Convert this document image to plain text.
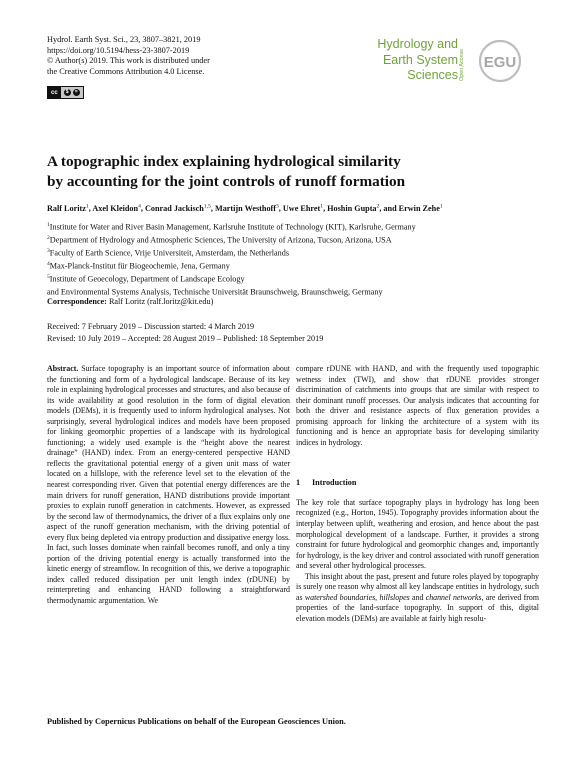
Hydrol. Earth Syst. Sci., 23, 3807–3821, 2019
https://doi.org/10.5194/hess-23-3807-2019
© Author(s) 2019. This work is distributed under
the Creative Commons Attribution 4.0 License.
cc	$	=
Hydrology and
Earth System
Sciences Open Access	EGU
A topographic index explaining hydrological similarity
by accounting for the joint controls of runoff formation
Ralf Loritz$^1$, Axel Kleidon$^4$, Conrad Jackisch$^{1,5}$, Martijn Westhoff$^3$, Uwe Ehret$^1$, Hoshin Gupta$^2$, and Erwin Zehe$^1$
$^1$Institute for Water and River Basin Management, Karlsruhe Institute of Technology (KIT), Karlsruhe, Germany
$^2$Department of Hydrology and Atmospheric Sciences, The University of Arizona, Tucson, Arizona, USA
$^3$Faculty of Earth Science, Vrije Universiteit, Amsterdam, the Netherlands
$^4$Max-Planck-Institut für Biogeochemie, Jena, Germany
$^5$Institute of Geoecology, Department of Landscape Ecology
and Environmental Systems Analysis, Technische Universität Braunschweig, Braunschweig, Germany
Correspondence: Ralf Loritz (ralf.loritz@kit.edu)
Received: 7 February 2019 – Discussion started: 4 March 2019
Revised: 10 July 2019 – Accepted: 28 August 2019 – Published: 18 September 2019

Abstract. Surface topography is an important source of information about the functioning and form of a hydrological landscape. Because of its key role in explaining hydrological processes and structures, and also because of its wide availability at good resolution in the form of digital elevation models (DEMs), it is frequently used to inform hydrological analyses. Not surprisingly, several hydrological indices and models have been proposed for linking geomorphic properties of a landscape with its hydrological functioning; a widely used example is the “height above the nearest drainage” (HAND) index. From an energy-centered perspective HAND reflects the gravitational potential energy of a given unit mass of water located on a hillslope, with the reference level set to the elevation of the nearest corresponding river. Given that potential energy differences are the main drivers for runoff generation, HAND distributions provide important proxies to explain runoff generation in catchments. However, as expressed by the second law of thermodynamics, the driver of a flux explains only one aspect of the runoff generation mechanism, with the driving potential of every flux being depleted via entropy production and dissipative energy loss. In fact, such losses dominate when rainfall becomes runoff, and only a tiny portion of the driving potential energy is actually transformed into the kinetic energy of streamflow. In recognition of this, we derive a topographic index called reduced dissipation per unit length index (rDUNE) by reinterpreting and enhancing HAND following a straightforward thermodynamic argumentation. We

compare rDUNE with HAND, and with the frequently used topographic wetness index (TWI), and show that rDUNE provides stronger discrimination of catchments into groups that are similar with respect to their dominant runoff processes. Our analysis indicates that accounting for both the driver and resistance aspects of flux generation provides a promising approach for linking the architecture of a system with its functioning and is hence an appropriate basis for developing similarity indices in hydrology.

1 Introduction

The key role that surface topography plays in hydrology has long been recognized (e.g., Horton, 1945). Topography provides information about the interplay between uplift, weathering and erosion, and hence about the past morphological development of a landscape. Further, it provides a strong constraint for future hydrological and geomorphic changes and, importantly for hydrology, is the key driver and control associated with runoff generation and several other hydrological processes.

This insight about the past, present and future roles played by topography is surely one reason why almost all key landscape entities in hydrology, such as watershed boundaries, hillslopes and channel networks, are derived from properties of the land-surface topography. In support of this, digital elevation models (DEMs) are available at fairly high resolu-

Published by Copernicus Publications on behalf of the European Geosciences Union.
